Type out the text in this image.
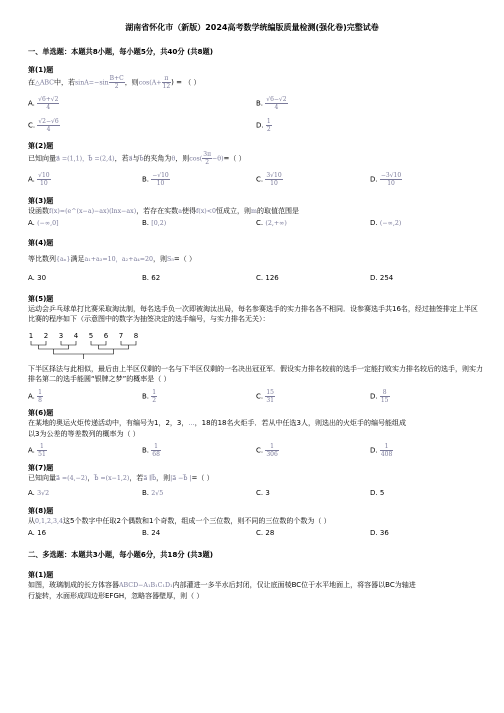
湖南省怀化市（新版）2024高考数学统编版质量检测(强化卷)完整试卷
一、单选题：本题共8小题，每小题5分，共40分 (共8题)
第(1)题
在△ABC中，若$\sin A=-\sin \frac{B+C}{2}$ ，则$\cos(A+ \frac{\pi}{12}$ ) = （ ）
A. $\frac{√6+√2}{4}$	B. $\frac{√6-√2}{4}$
C. $\frac{√2-√6}{4}$	D. $\frac{1}{2}$
第(2)题
已知向量a⃗ =(1,1)，b⃗ =(2,4)，若a⃗与b⃗的夹角为θ，则$\cos( \frac{3\pi}{2} -\theta)=$（ ）
A. $\frac{√10}{10}$	B. $\frac{-√10}{10}$	C. $\frac{3√10}{10}$	D. $\frac{-3√10}{10}$
第(3)题
设函数f(x)=(e^(x−a)−ax)(lnx−ax)，若存在实数a使得f(x)<0恒成立，则m的取值范围是
A. (−∞,0]	B. [0,2)	C. (2,+∞)	D. (−∞,2)
第(4)题
等比数列{aₙ}满足a₁+a₃=10，a₂+a₄=20，则S₅=（ ）
A. 30	B. 62	C. 126	D. 254
第(5)题
运动会乒乓球单打比赛采取淘汰制，每名选手负一次即被淘汰出局，每名参赛选手的实力排名各不相同．设参赛选手共16名，经过抽签排定上半区比赛的程序如下（示意图中的数字为抽签决定的选手编号，与实力排名无关）：
1 2 3 4 5 6 7 8
下半区择法与此相似，最后由上半区仅剩的一名与下半区仅剩的一名决出冠亚军．假设实力排名较前的选手一定能打败实力排名较后的选手，则实力排名第二的选手能圆“银牌之梦”的概率是（ ）
A. $\frac{1}{8}$	B. $\frac{1}{2}$	C. $\frac{15}{31}$	D. $\frac{8}{15}$
第(6)题
在某地的奥运火炬传递活动中，有编号为1，2，3，…，18的18名火炬手．若从中任选3人，则选出的火炬手的编号能组成
以3为公差的等差数列的概率为（ ）
A. $\frac{1}{51}$	B. $\frac{1}{68}$	C. $\frac{1}{306}$	D. $\frac{1}{408}$
第(7)题
已知向量a⃗ =(4,−2)，b⃗ =(x−1,2)，若a⃗ ∥b⃗，则|a⃗ −b⃗ |=（ ）
A. 3√2	B. 2√5	C. 3	D. 5
第(8)题
从0,1,2,3,4这5个数字中任取2个偶数和1个奇数，组成一个三位数，则不同的三位数的个数为（ ）
A. 16	B. 24	C. 28	D. 36
二、多选题：本题共3小题，每小题6分，共18分 (共3题)
第(1)题
如图，玻璃制成的长方体容器ABCD−A₁B₁C₁D₁内部灌进一多半水后封闭，仅让底面棱BC位于水平地面上，将容器以BC为轴进
行旋转，水面形成四边形EFGH，忽略容器壁厚，则（ ）
